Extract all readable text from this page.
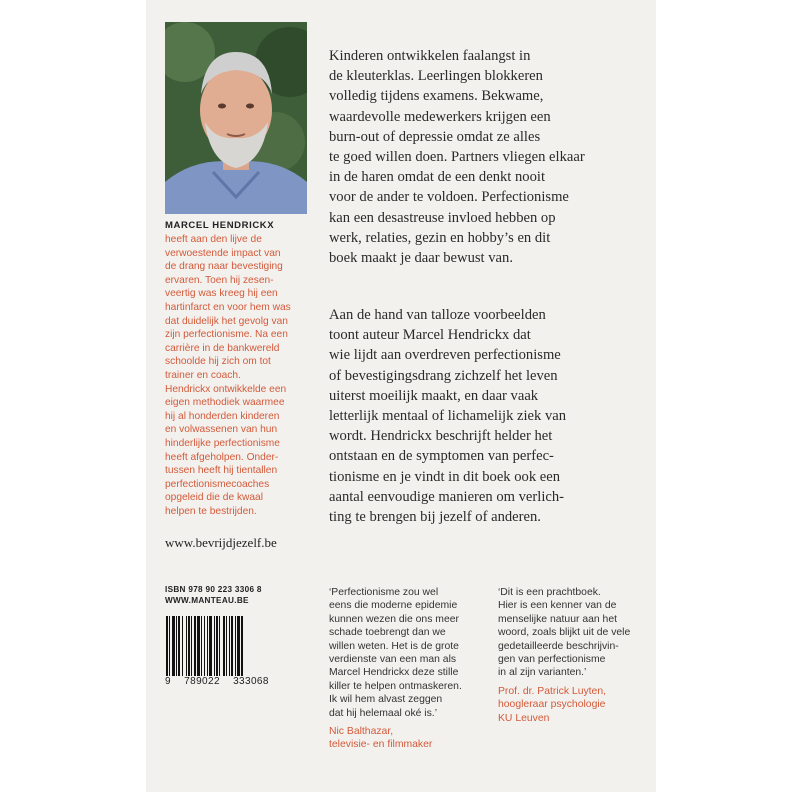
MARCEL HENDRICKX
heeft aan den lijve de
verwoestende impact van
de drang naar bevestiging
ervaren. Toen hij zesen-
veertig was kreeg hij een
hartinfarct en voor hem was
dat duidelijk het gevolg van
zijn perfectionisme. Na een
carrière in de bankwereld
schoolde hij zich om tot
trainer en coach.
Hendrickx ontwikkelde een
eigen methodiek waarmee
hij al honderden kinderen
en volwassenen van hun
hinderlijke perfectionisme
heeft afgeholpen. Onder-
tussen heeft hij tientallen
perfectionismecoaches
opgeleid die de kwaal
helpen te bestrijden.
www.bevrijdjezelf.be
ISBN 978 90 223 3306 8
WWW.MANTEAU.BE
9 789022 333068
Kinderen ontwikkelen faalangst in
de kleuterklas. Leerlingen blokkeren
volledig tijdens examens. Bekwame,
waardevolle medewerkers krijgen een
burn-out of depressie omdat ze alles
te goed willen doen. Partners vliegen elkaar
in de haren omdat de een denkt nooit
voor de ander te voldoen. Perfectionisme
kan een desastreuse invloed hebben op
werk, relaties, gezin en hobby’s en dit
boek maakt je daar bewust van.
Aan de hand van talloze voorbeelden
toont auteur Marcel Hendrickx dat
wie lijdt aan overdreven perfectionisme
of bevestigingsdrang zichzelf het leven
uiterst moeilijk maakt, en daar vaak
letterlijk mentaal of lichamelijk ziek van
wordt. Hendrickx beschrijft helder het
ontstaan en de symptomen van perfec-
tionisme en je vindt in dit boek ook een
aantal eenvoudige manieren om verlich-
ting te brengen bij jezelf of anderen.
‘Perfectionisme zou wel
eens die moderne epidemie
kunnen wezen die ons meer
schade toebrengt dan we
willen weten. Het is de grote
verdienste van een man als
Marcel Hendrickx deze stille
killer te helpen ontmaskeren.
Ik wil hem alvast zeggen
dat hij helemaal oké is.’
Nic Balthazar,
televisie- en filmmaker
‘Dit is een prachtboek.
Hier is een kenner van de
menselijke natuur aan het
woord, zoals blijkt uit de vele
gedetailleerde beschrijvin-
gen van perfectionisme
in al zijn varianten.’
Prof. dr. Patrick Luyten,
hoogleraar psychologie
KU Leuven
